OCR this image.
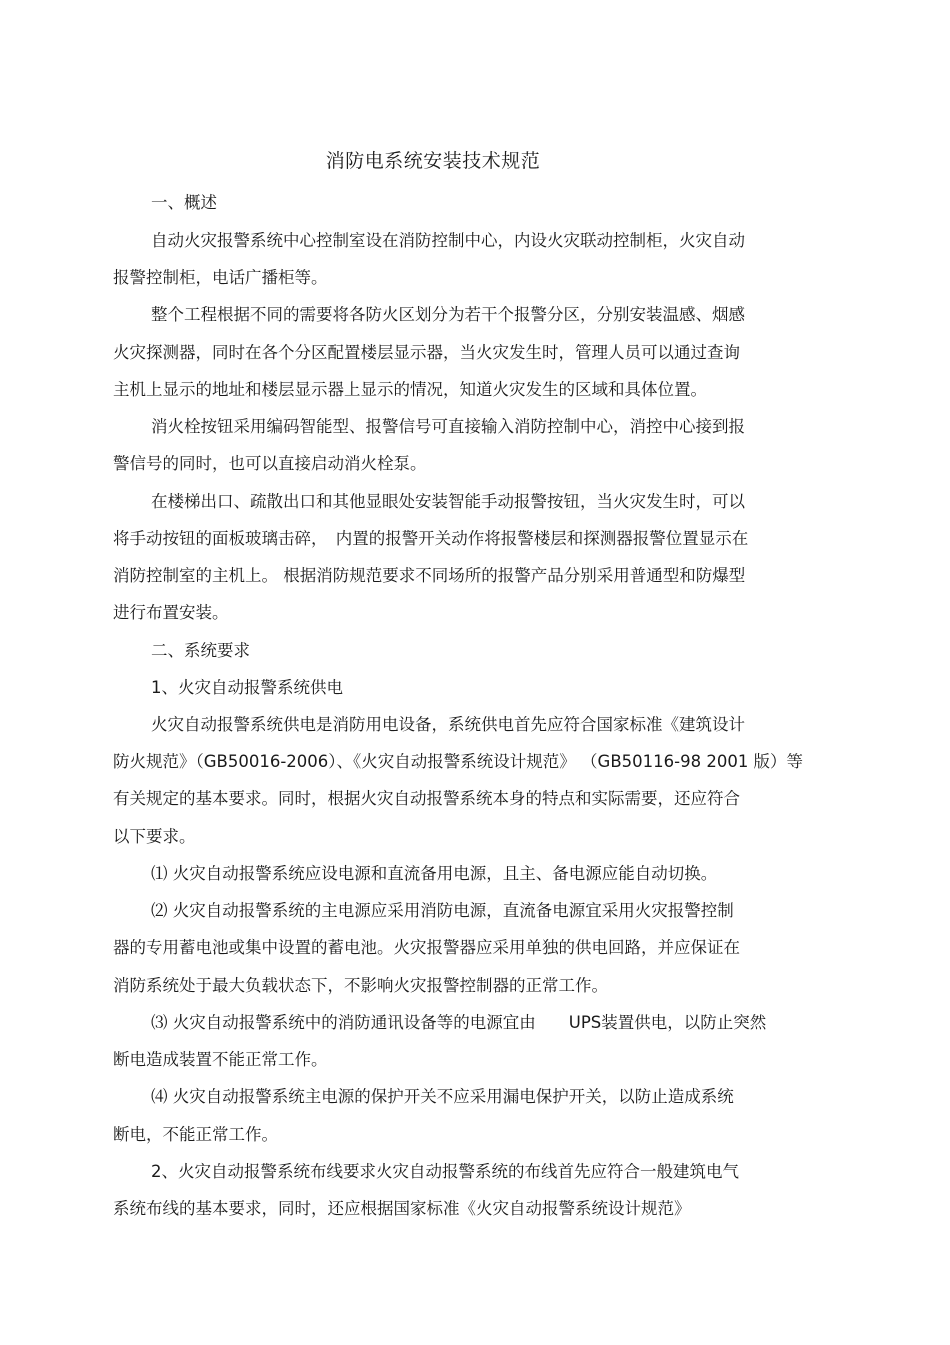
消防电系统安装技术规范

一、概述

自动火灾报警系统中心控制室设在消防控制中心，内设火灾联动控制柜，火灾自动

报警控制柜，电话广播柜等。

整个工程根据不同的需要将各防火区划分为若干个报警分区，分别安装温感、烟感

火灾探测器，同时在各个分区配置楼层显示器，当火灾发生时，管理人员可以通过查询

主机上显示的地址和楼层显示器上显示的情况，知道火灾发生的区域和具体位置。

消火栓按钮采用编码智能型、报警信号可直接输入消防控制中心，消控中心接到报

警信号的同时，也可以直接启动消火栓泵。

在楼梯出口、疏散出口和其他显眼处安装智能手动报警按钮，当火灾发生时，可以

将手动按钮的面板玻璃击碎，　内置的报警开关动作将报警楼层和探测器报警位置显示在

消防控制室的主机上。 根据消防规范要求不同场所的报警产品分别采用普通型和防爆型

进行布置安装。

二、系统要求

1、火灾自动报警系统供电

火灾自动报警系统供电是消防用电设备，系统供电首先应符合国家标准《建筑设计

防火规范》（GB50016-2006）、《火灾自动报警系统设计规范》 （GB50116-98 2001 版）等

有关规定的基本要求。同时，根据火灾自动报警系统本身的特点和实际需要，还应符合

以下要求。

⑴ 火灾自动报警系统应设电源和直流备用电源，且主、备电源应能自动切换。

⑵ 火灾自动报警系统的主电源应采用消防电源，直流备电源宜采用火灾报警控制

器的专用蓄电池或集中设置的蓄电池。火灾报警器应采用单独的供电回路，并应保证在

消防系统处于最大负载状态下，不影响火灾报警控制器的正常工作。

⑶ 火灾自动报警系统中的消防通讯设备等的电源宜由　　UPS装置供电，以防止突然

断电造成装置不能正常工作。

⑷ 火灾自动报警系统主电源的保护开关不应采用漏电保护开关，以防止造成系统

断电，不能正常工作。

2、火灾自动报警系统布线要求火灾自动报警系统的布线首先应符合一般建筑电气

系统布线的基本要求，同时，还应根据国家标准《火灾自动报警系统设计规范》
